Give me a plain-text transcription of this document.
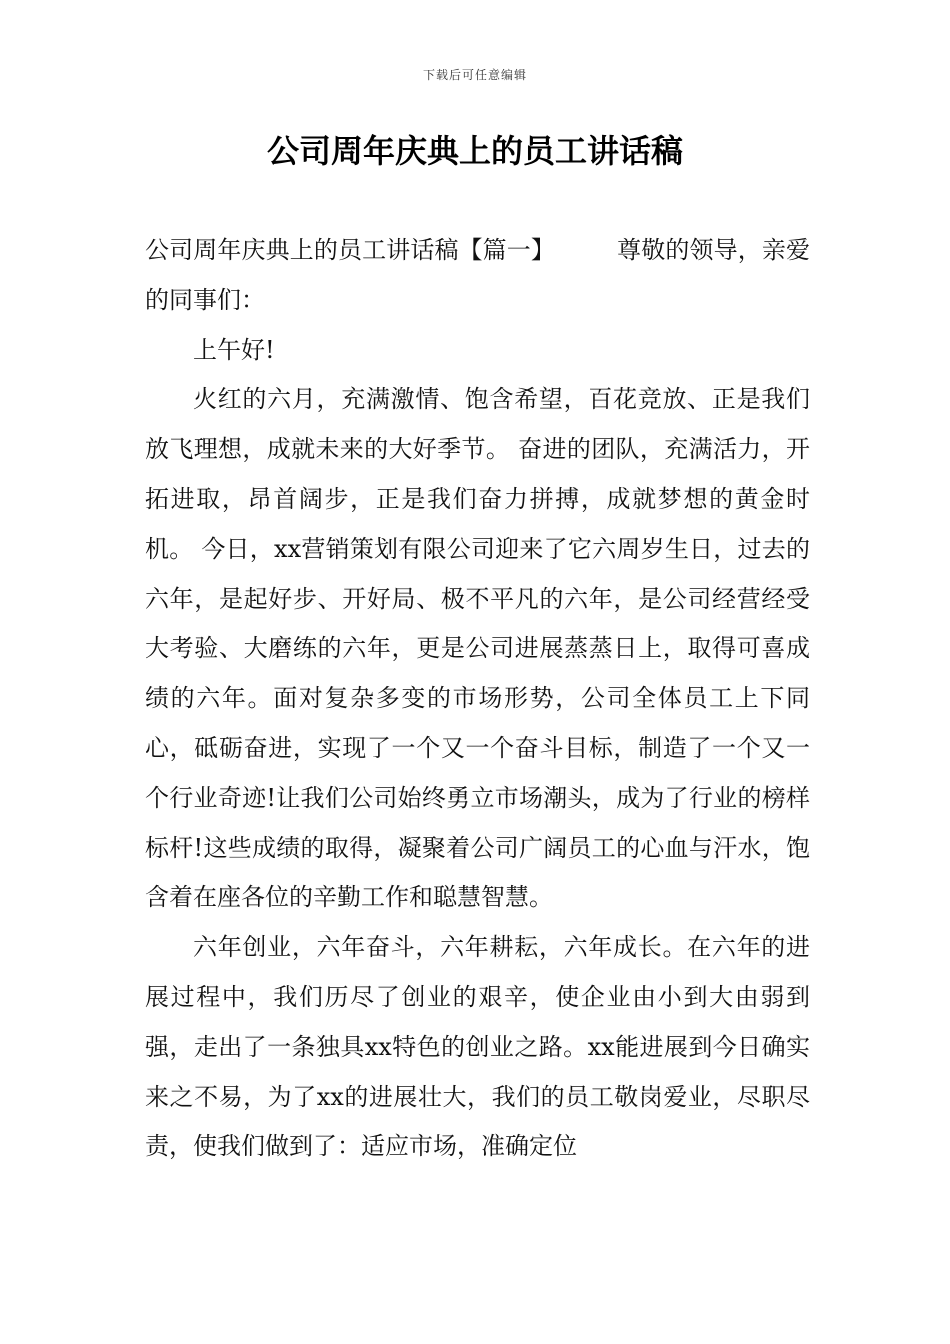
下载后可任意编辑
公司周年庆典上的员工讲话稿

公司周年庆典上的员工讲话稿【篇一】	尊敬的领导，亲爱的同事们：

上午好!

火红的六月，充满激情、饱含希望，百花竞放、正是我们放飞理想，成就未来的大好季节。 奋进的团队，充满活力，开拓进取，昂首阔步，正是我们奋力拼搏，成就梦想的黄金时机。 今日，xx营销策划有限公司迎来了它六周岁生日，过去的六年，是起好步、开好局、极不平凡的六年，是公司经营经受大考验、大磨练的六年，更是公司进展蒸蒸日上，取得可喜成绩的六年。面对复杂多变的市场形势，公司全体员工上下同心，砥砺奋进，实现了一个又一个奋斗目标，制造了一个又一个行业奇迹!让我们公司始终勇立市场潮头，成为了行业的榜样标杆!这些成绩的取得，凝聚着公司广阔员工的心血与汗水，饱含着在座各位的辛勤工作和聪慧智慧。

六年创业，六年奋斗，六年耕耘，六年成长。在六年的进展过程中，我们历尽了创业的艰辛，使企业由小到大由弱到强，走出了一条独具xx特色的创业之路。xx能进展到今日确实来之不易，为了xx的进展壮大，我们的员工敬岗爱业，尽职尽责，使我们做到了：适应市场，准确定位
